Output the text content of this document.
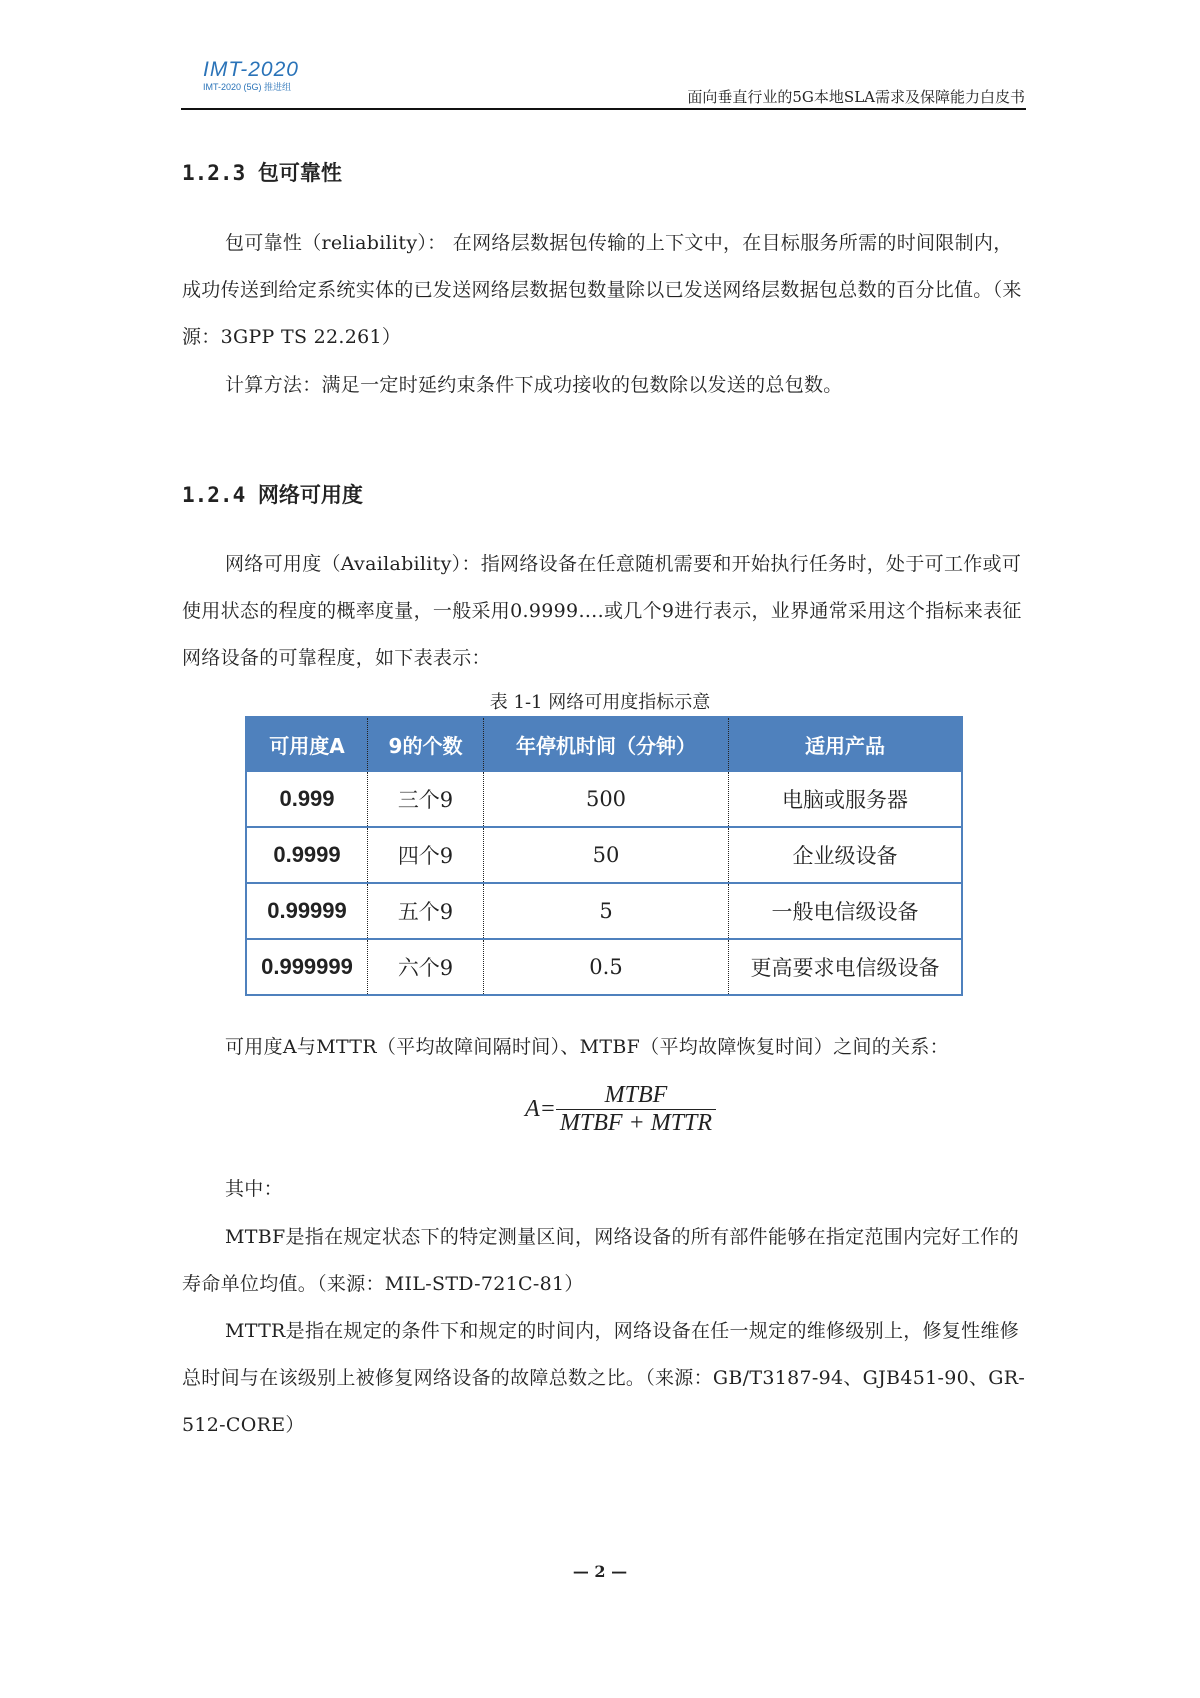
IMT-2020
IMT-2020 (5G) 推进组
面向垂直行业的5G本地SLA需求及保障能力白皮书
1.2.3 包可靠性
包可靠性（reliability）： 在网络层数据包传输的上下文中，在目标服务所需的时间限制内，成功传送到给定系统实体的已发送网络层数据包数量除以已发送网络层数据包总数的百分比值。（来源：3GPP TS 22.261）
计算方法：满足一定时延约束条件下成功接收的包数除以发送的总包数。
1.2.4 网络可用度
网络可用度（Availability）：指网络设备在任意随机需要和开始执行任务时，处于可工作或可使用状态的程度的概率度量，一般采用0.9999….或几个9进行表示，业界通常采用这个指标来表征网络设备的可靠程度，如下表表示：
表 1-1 网络可用度指标示意
可用度A	9的个数	年停机时间（分钟）	适用产品
0.999	三个9	500	电脑或服务器
0.9999	四个9	50	企业级设备
0.99999	五个9	5	一般电信级设备
0.999999	六个9	0.5	更高要求电信级设备
可用度A与MTTR（平均故障间隔时间）、MTBF（平均故障恢复时间）之间的关系：
$A= \frac{\text{MTBF}}{\text{MTBF + MTTR}}$
其中：
MTBF是指在规定状态下的特定测量区间，网络设备的所有部件能够在指定范围内完好工作的寿命单位均值。（来源：MIL-STD-721C-81）
MTTR是指在规定的条件下和规定的时间内，网络设备在任一规定的维修级别上，修复性维修总时间与在该级别上被修复网络设备的故障总数之比。（来源：GB/T3187-94、GJB451-90、GR-512-CORE）
— 2 —
